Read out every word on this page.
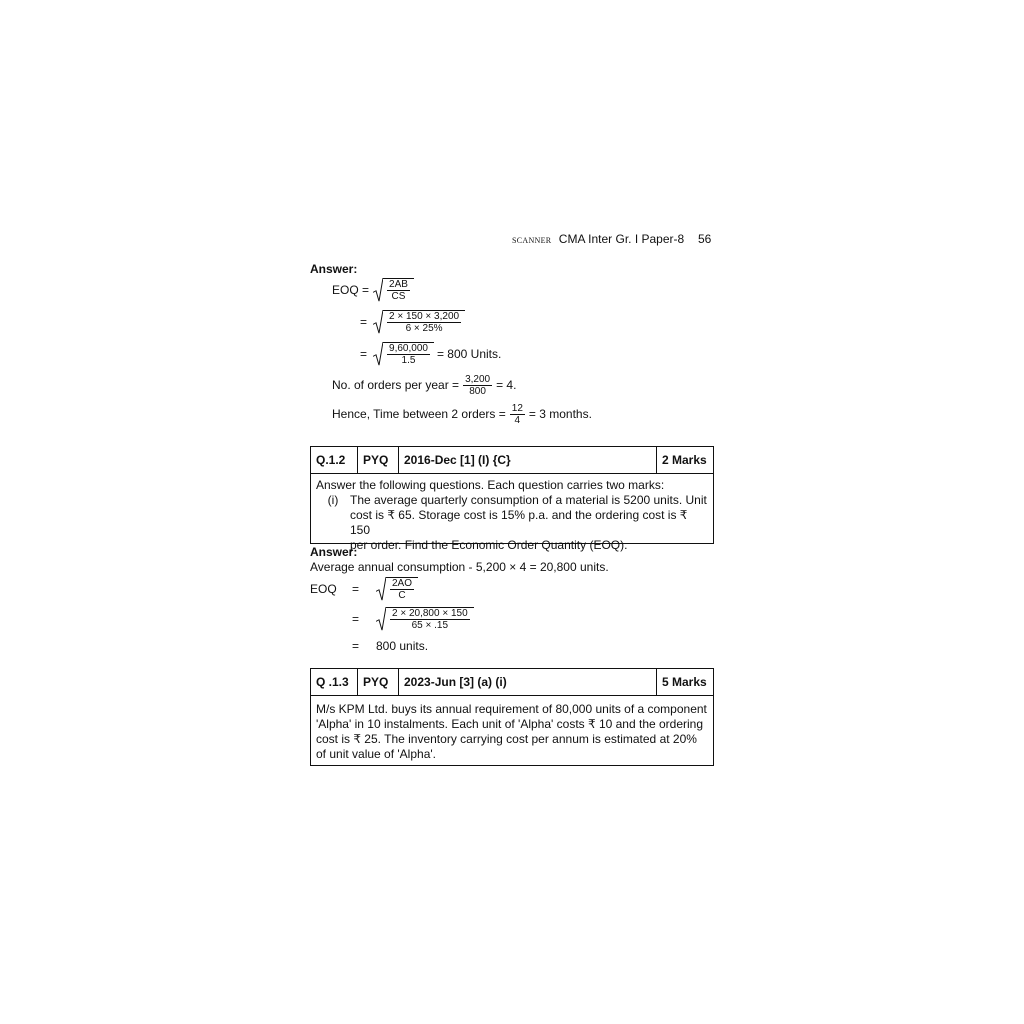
SCANNER CMA Inter Gr. I Paper-8 56
Answer:
EOQ = $\frac{2AB}{CS}$
= $\frac{2 \times 150 \times 3,200}{6 \times 25\%}$
= $\frac{9,60,000}{1.5} = 800$ Units.
No. of orders per year = $\frac{3,200}{800} = 4$.
Hence, Time between 2 orders = $\frac{12}{4} = 3$ months.
Q.1.2	PYQ	2016-Dec [1] (I) {C}	2 Marks
Answer the following questions. Each question carries two marks:
(i) The average quarterly consumption of a material is 5200 units. Unit
cost is ₹ 65. Storage cost is 15% p.a. and the ordering cost is ₹ 150
per order. Find the Economic Order Quantity (EOQ).
Answer:
Average annual consumption - 5,200 × 4 = 20,800 units.
EOQ	=	$\frac{2AO}{C}$
=	$\frac{2 \times 20,800 \times 150}{65 \times .15}$
=	800 units.
Q .1.3	PYQ	2023-Jun [3] (a) (i)	5 Marks
M/s KPM Ltd. buys its annual requirement of 80,000 units of a component
'Alpha' in 10 instalments. Each unit of 'Alpha' costs ₹ 10 and the ordering
cost is ₹ 25. The inventory carrying cost per annum is estimated at 20%
of unit value of 'Alpha'.
